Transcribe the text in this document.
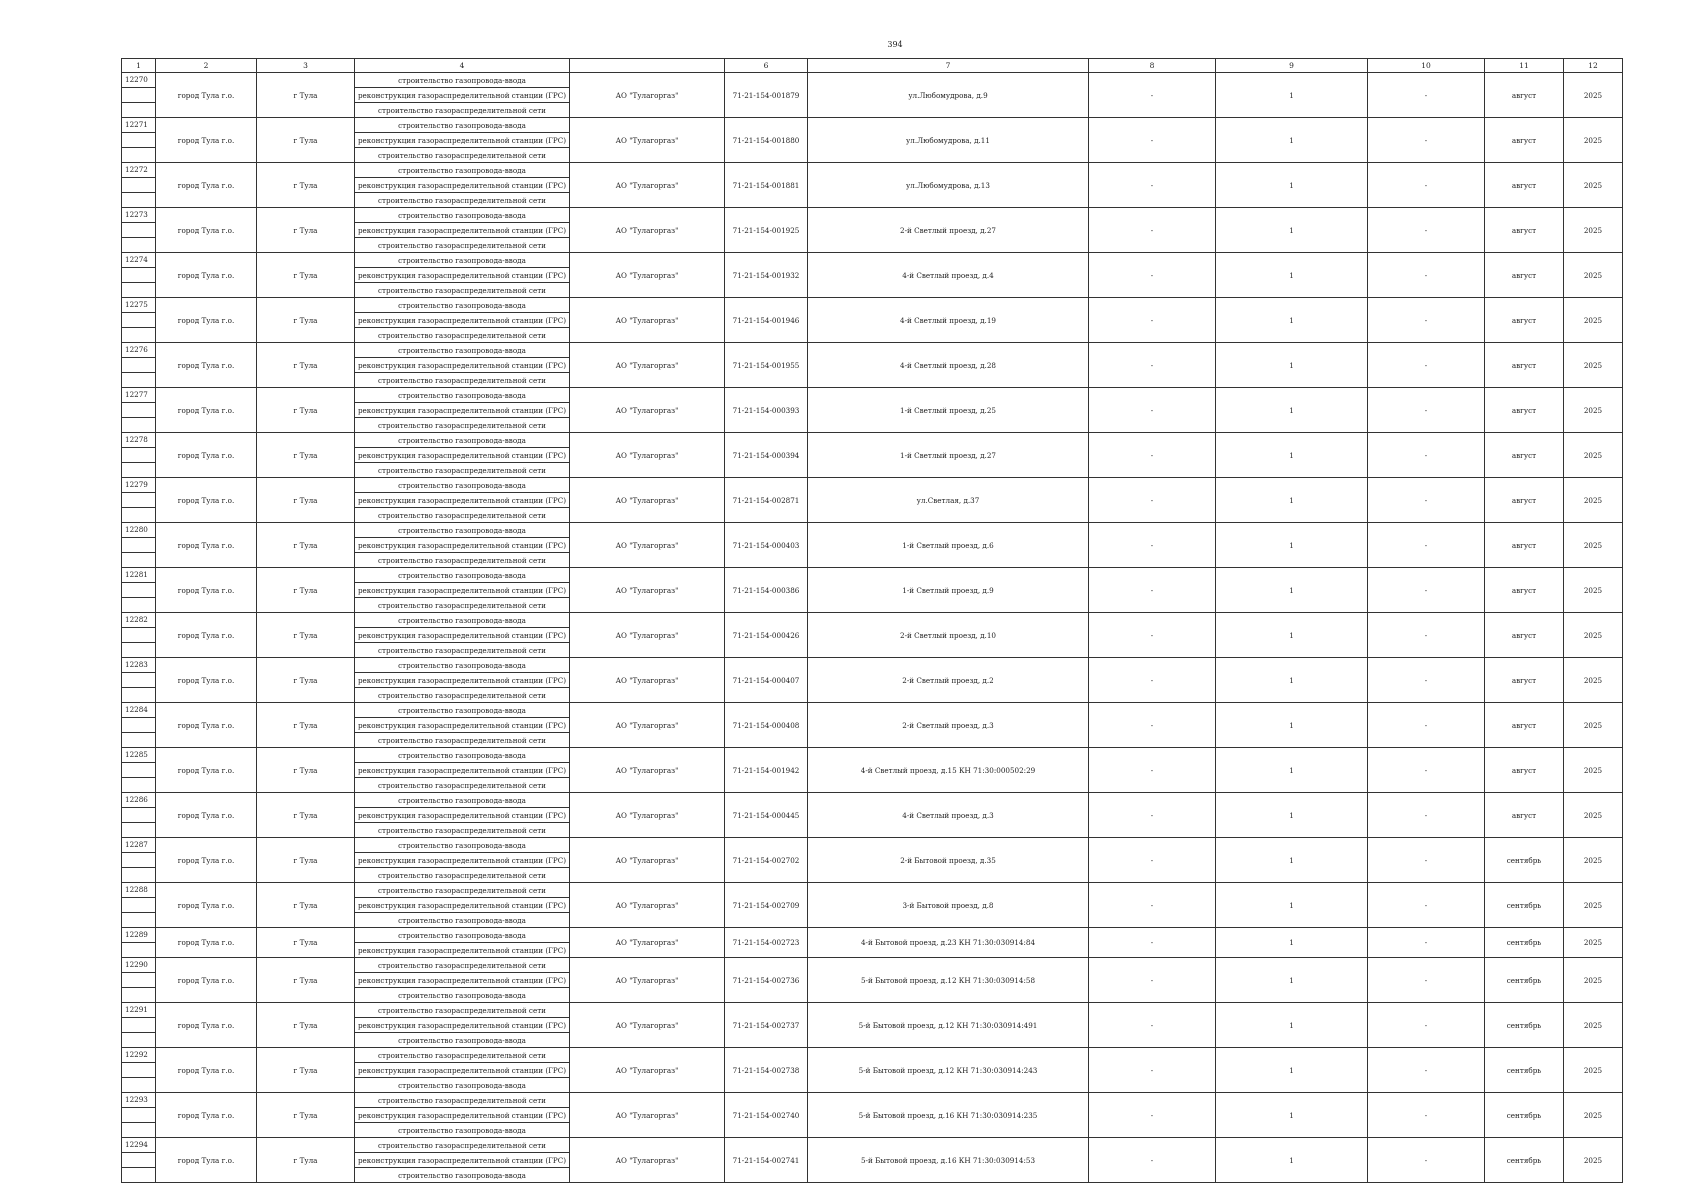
394
1	2	3	4		6	7	8	9	10	11	12
12270	город Тула г.о.	г Тула	строительство газопровода-ввода	АО "Тулагоргаз"	71-21-154-001879	ул.Любомудрова, д.9	-	1	-	август	2025
			реконструкция газораспределительной станции (ГРС)								
			строительство газораспределительной сети								
12271	город Тула г.о.	г Тула	строительство газопровода-ввода	АО "Тулагоргаз"	71-21-154-001880	ул.Любомудрова, д.11	-	1	-	август	2025
			реконструкция газораспределительной станции (ГРС)								
			строительство газораспределительной сети								
12272	город Тула г.о.	г Тула	строительство газопровода-ввода	АО "Тулагоргаз"	71-21-154-001881	ул.Любомудрова, д.13	-	1	-	август	2025
			реконструкция газораспределительной станции (ГРС)								
			строительство газораспределительной сети								
12273	город Тула г.о.	г Тула	строительство газопровода-ввода	АО "Тулагоргаз"	71-21-154-001925	2-й Светлый проезд, д.27	-	1	-	август	2025
			реконструкция газораспределительной станции (ГРС)								
			строительство газораспределительной сети								
12274	город Тула г.о.	г Тула	строительство газопровода-ввода	АО "Тулагоргаз"	71-21-154-001932	4-й Светлый проезд, д.4	-	1	-	август	2025
			реконструкция газораспределительной станции (ГРС)								
			строительство газораспределительной сети								
12275	город Тула г.о.	г Тула	строительство газопровода-ввода	АО "Тулагоргаз"	71-21-154-001946	4-й Светлый проезд, д.19	-	1	-	август	2025
			реконструкция газораспределительной станции (ГРС)								
			строительство газораспределительной сети								
12276	город Тула г.о.	г Тула	строительство газопровода-ввода	АО "Тулагоргаз"	71-21-154-001955	4-й Светлый проезд, д.28	-	1	-	август	2025
			реконструкция газораспределительной станции (ГРС)								
			строительство газораспределительной сети								
12277	город Тула г.о.	г Тула	строительство газопровода-ввода	АО "Тулагоргаз"	71-21-154-000393	1-й Светлый проезд, д.25	-	1	-	август	2025
			реконструкция газораспределительной станции (ГРС)								
			строительство газораспределительной сети								
12278	город Тула г.о.	г Тула	строительство газопровода-ввода	АО "Тулагоргаз"	71-21-154-000394	1-й Светлый проезд, д.27	-	1	-	август	2025
			реконструкция газораспределительной станции (ГРС)								
			строительство газораспределительной сети								
12279	город Тула г.о.	г Тула	строительство газопровода-ввода	АО "Тулагоргаз"	71-21-154-002871	ул.Светлая, д.37	-	1	-	август	2025
			реконструкция газораспределительной станции (ГРС)								
			строительство газораспределительной сети								
12280	город Тула г.о.	г Тула	строительство газопровода-ввода	АО "Тулагоргаз"	71-21-154-000403	1-й Светлый проезд, д.6	-	1	-	август	2025
			реконструкция газораспределительной станции (ГРС)								
			строительство газораспределительной сети								
12281	город Тула г.о.	г Тула	строительство газопровода-ввода	АО "Тулагоргаз"	71-21-154-000386	1-й Светлый проезд, д.9	-	1	-	август	2025
			реконструкция газораспределительной станции (ГРС)								
			строительство газораспределительной сети								
12282	город Тула г.о.	г Тула	строительство газопровода-ввода	АО "Тулагоргаз"	71-21-154-000426	2-й Светлый проезд, д.10	-	1	-	август	2025
			реконструкция газораспределительной станции (ГРС)								
			строительство газораспределительной сети								
12283	город Тула г.о.	г Тула	строительство газопровода-ввода	АО "Тулагоргаз"	71-21-154-000407	2-й Светлый проезд, д.2	-	1	-	август	2025
			реконструкция газораспределительной станции (ГРС)								
			строительство газораспределительной сети								
12284	город Тула г.о.	г Тула	строительство газопровода-ввода	АО "Тулагоргаз"	71-21-154-000408	2-й Светлый проезд, д.3	-	1	-	август	2025
			реконструкция газораспределительной станции (ГРС)								
			строительство газораспределительной сети								
12285	город Тула г.о.	г Тула	строительство газопровода-ввода	АО "Тулагоргаз"	71-21-154-001942	4-й Светлый проезд, д.15 КН 71:30:000502:29	-	1	-	август	2025
			реконструкция газораспределительной станции (ГРС)								
			строительство газораспределительной сети								
12286	город Тула г.о.	г Тула	строительство газопровода-ввода	АО "Тулагоргаз"	71-21-154-000445	4-й Светлый проезд, д.3	-	1	-	август	2025
			реконструкция газораспределительной станции (ГРС)								
			строительство газораспределительной сети								
12287	город Тула г.о.	г Тула	строительство газопровода-ввода	АО "Тулагоргаз"	71-21-154-002702	2-й Бытовой проезд, д.35	-	1	-	сентябрь	2025
			реконструкция газораспределительной станции (ГРС)								
			строительство газораспределительной сети								
12288	город Тула г.о.	г Тула	строительство газораспределительной сети	АО "Тулагоргаз"	71-21-154-002709	3-й Бытовой проезд, д.8	-	1	-	сентябрь	2025
			реконструкция газораспределительной станции (ГРС)								
			строительство газопровода-ввода								
12289	город Тула г.о.	г Тула	строительство газопровода-ввода	АО "Тулагоргаз"	71-21-154-002723	4-й Бытовой проезд, д.23 КН 71:30:030914:84	-	1	-	сентябрь	2025
			реконструкция газораспределительной станции (ГРС)								
12290	город Тула г.о.	г Тула	строительство газораспределительной сети	АО "Тулагоргаз"	71-21-154-002736	5-й Бытовой проезд, д.12 КН 71:30:030914:58	-	1	-	сентябрь	2025
			реконструкция газораспределительной станции (ГРС)								
			строительство газопровода-ввода								
12291	город Тула г.о.	г Тула	строительство газораспределительной сети	АО "Тулагоргаз"	71-21-154-002737	5-й Бытовой проезд, д.12 КН 71:30:030914:491	-	1	-	сентябрь	2025
			реконструкция газораспределительной станции (ГРС)								
			строительство газопровода-ввода								
12292	город Тула г.о.	г Тула	строительство газораспределительной сети	АО "Тулагоргаз"	71-21-154-002738	5-й Бытовой проезд, д.12 КН 71:30:030914:243	-	1	-	сентябрь	2025
			реконструкция газораспределительной станции (ГРС)								
			строительство газопровода-ввода								
12293	город Тула г.о.	г Тула	строительство газораспределительной сети	АО "Тулагоргаз"	71-21-154-002740	5-й Бытовой проезд, д.16 КН 71:30:030914:235	-	1	-	сентябрь	2025
			реконструкция газораспределительной станции (ГРС)								
			строительство газопровода-ввода								
12294	город Тула г.о.	г Тула	строительство газораспределительной сети	АО "Тулагоргаз"	71-21-154-002741	5-й Бытовой проезд, д.16 КН 71:30:030914:53	-	1	-	сентябрь	2025
			реконструкция газораспределительной станции (ГРС)								
			строительство газопровода-ввода								
